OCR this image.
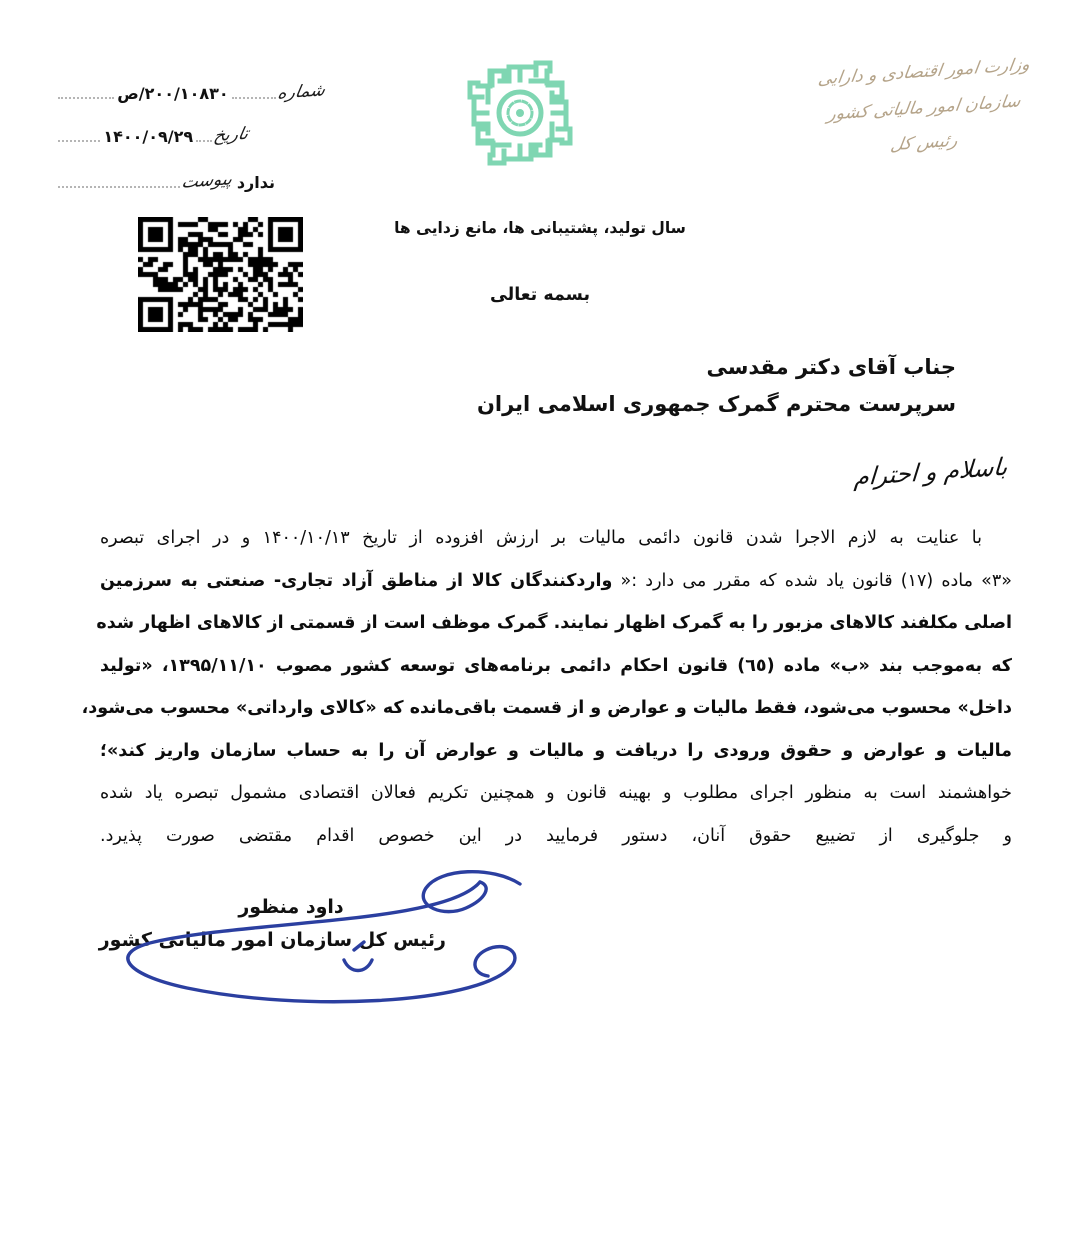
شماره
۲۰۰/۱۰۸۳۰/ص
تاریخ
۱۴۰۰/۰۹/۲۹
ندارد
پیوست
وزارت امور اقتصادی و دارایی
سازمان امور مالیاتی کشور
رئیس کل
سال تولید، پشتیبانی ها، مانع زدایی ها
بسمه تعالی
جناب آقای دکتر مقدسی
سرپرست محترم گمرک جمهوری اسلامی ایران
باسلام و احترام
با عنایت به لازم الاجرا شدن قانون دائمی مالیات بر ارزش افزوده از تاریخ ۱۴۰۰/۱۰/۱۳ و در اجرای تبصره
«۳» ماده (۱۷) قانون یاد شده که مقرر می دارد :« واردکنندگان کالا از مناطق آزاد تجاری- صنعتی به سرزمین
اصلی مکلفند کالاهای مزبور را به گمرک اظهار نمایند. گمرک موظف است از قسمتی از کالاهای اظهار شده
که به‌موجب بند «ب» ماده (٦٥) قانون احکام دائمی برنامه‌های توسعه کشور مصوب ۱۳۹۵/۱۱/۱۰، «تولید
داخل» محسوب می‌شود، فقط مالیات و عوارض و از قسمت باقی‌مانده که «کالای وارداتی» محسوب می‌شود،
مالیات و عوارض و حقوق ورودی را دریافت و مالیات و عوارض آن را به حساب سازمان واریز کند»؛
خواهشمند است به منظور اجرای مطلوب و بهینه قانون و همچنین تکریم فعالان اقتصادی مشمول تبصره یاد شده
و جلوگیری از تضییع حقوق آنان، دستور فرمایید در این خصوص اقدام مقتضی صورت پذیرد.
داود منظور
رئیس کل سازمان امور مالیاتی کشور
